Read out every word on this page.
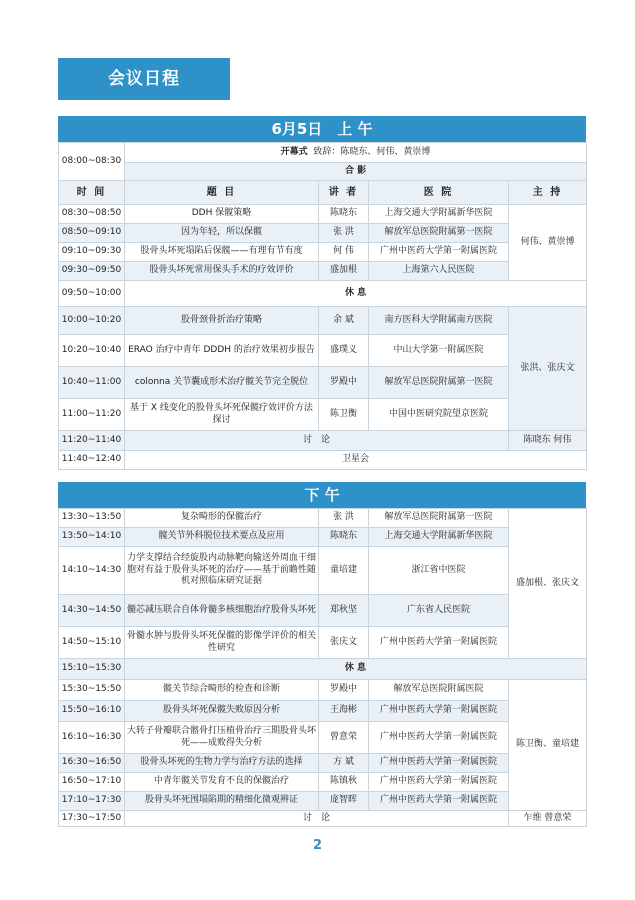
会议日程
6月5日　上 午
08:00~08:30	开幕式 致辞：陈晓东、何伟、黄崇博			
	合 影			
时 间	题 目	讲 者	医 院	主 持
08:30~08:50	DDH 保髋策略	陈晓东	上海交通大学附属新华医院	何伟、黄崇博
08:50~09:10	因为年轻，所以保髋	张 洪	解放军总医院附属第一医院	
09:10~09:30	股骨头坏死塌陷后保髋——有理有节有度	何 伟	广州中医药大学第一附属医院	
09:30~09:50	股骨头坏死常用保头手术的疗效评价	盛加根	上海第六人民医院	
09:50~10:00	休 息			
10:00~10:20	股骨颈骨折治疗策略	余 斌	南方医科大学附属南方医院	张洪、张庆文
10:20~10:40	ERAO 治疗中青年 DDDH 的治疗效果初步报告	盛璞义	中山大学第一附属医院	
10:40~11:00	colonna 关节囊成形术治疗髋关节完全脱位	罗殿中	解放军总医院附属第一医院	
11:00~11:20	基于 X 线变化的股骨头坏死保髋疗效评价方法探讨	陈卫衡	中国中医研究院望京医院	
11:20~11:40	讨　论			陈晓东 何伟
11:40~12:40	卫星会			
下 午
13:30~13:50	复杂畸形的保髋治疗	张 洪	解放军总医院附属第一医院	盛加根、张庆文
13:50~14:10	髋关节外科脱位技术要点及应用	陈晓东	上海交通大学附属新华医院	
14:10~14:30	力学支撑结合经旋股内动脉靶向输送外周血干细胞对有益于股骨头坏死的治疗——基于前瞻性随机对照临床研究证据	童培建	浙江省中医院	
14:30~14:50	髓芯减压联合自体骨髓多核细胞治疗股骨头坏死	郑秋坚	广东省人民医院	
14:50~15:10	骨髓水肿与股骨头坏死保髋的影像学评价的相关性研究	张庆文	广州中医药大学第一附属医院	
15:10~15:30	休 息			
15:30~15:50	髋关节综合畸形的检查和诊断	罗殿中	解放军总医院附属医院	陈卫衡、童培建
15:50~16:10	股骨头坏死保髋失败原因分析	王海彬	广州中医药大学第一附属医院	
16:10~16:30	大转子骨瓣联合髂骨打压植骨治疗三期股骨头坏死——成败得失分析	曾意荣	广州中医药大学第一附属医院	
16:30~16:50	股骨头坏死的生物力学与治疗方法的选择	方 斌	广州中医药大学第一附属医院	
16:50~17:10	中青年髋关节发育不良的保髋治疗	陈镇秋	广州中医药大学第一附属医院	
17:10~17:30	股骨头坏死围塌陷期的精细化微观辨证	庞智晖	广州中医药大学第一附属医院	
17:30~17:50	讨　论			乍维 曾意荣
2
